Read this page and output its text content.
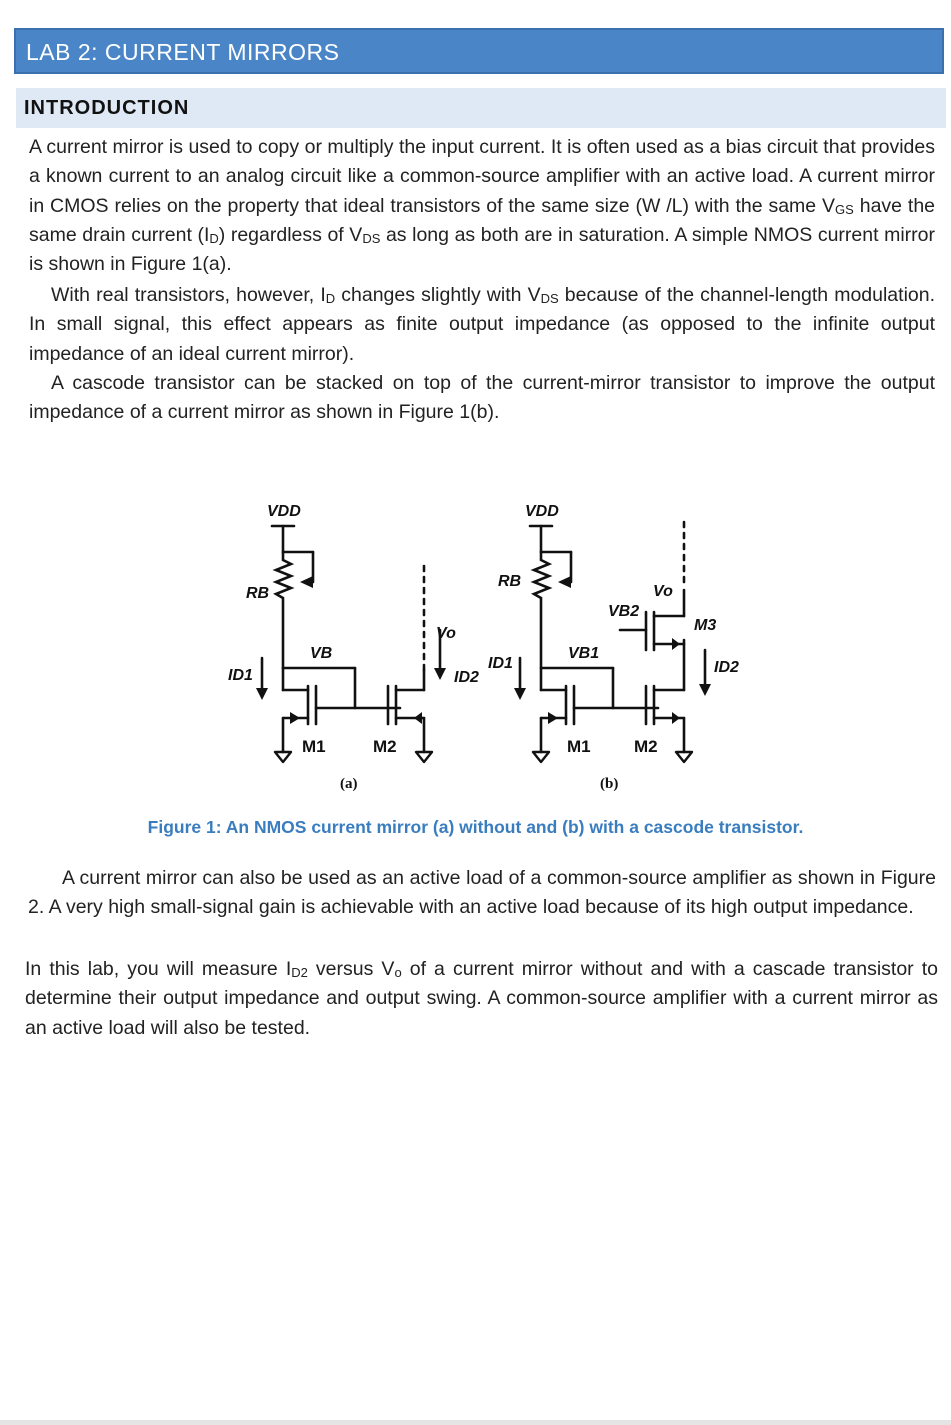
LAB 2: CURRENT MIRRORS
INTRODUCTION

A current mirror is used to copy or multiply the input current. It is often used as a bias circuit that provides a known current to an analog circuit like a common-source amplifier with an active load. A current mirror in CMOS relies on the property that ideal transistors of the same size (W /L) with the same $V_{GS}$ have the same drain current $(I_D)$ regardless of $V_{DS}$ as long as both are in saturation. A simple NMOS current mirror is shown in Figure 1(a).

With real transistors, however, $I_D$ changes slightly with $V_{DS}$ because of the channel-length modulation. In small signal, this effect appears as finite output impedance (as opposed to the infinite output impedance of an ideal current mirror).

A cascode transistor can be stacked on top of the current-mirror transistor to improve the output impedance of a current mirror as shown in Figure 1(b).

VDD
RB
ID1
VB
Vo
ID2
M1	M2
(a)
VDD
RB
ID1
VB1
VB2
Vo
M3
ID2
M1	M2
(b)
Figure 1: An NMOS current mirror (a) without and (b) with a cascode transistor.

A current mirror can also be used as an active load of a common-source amplifier as shown in Figure 2. A very high small-signal gain is achievable with an active load because of its high output impedance.

In this lab, you will measure $I_{D2}$ versus $V_o$ of a current mirror without and with a cascade transistor to determine their output impedance and output swing. A common-source amplifier with a current mirror as an active load will also be tested.
